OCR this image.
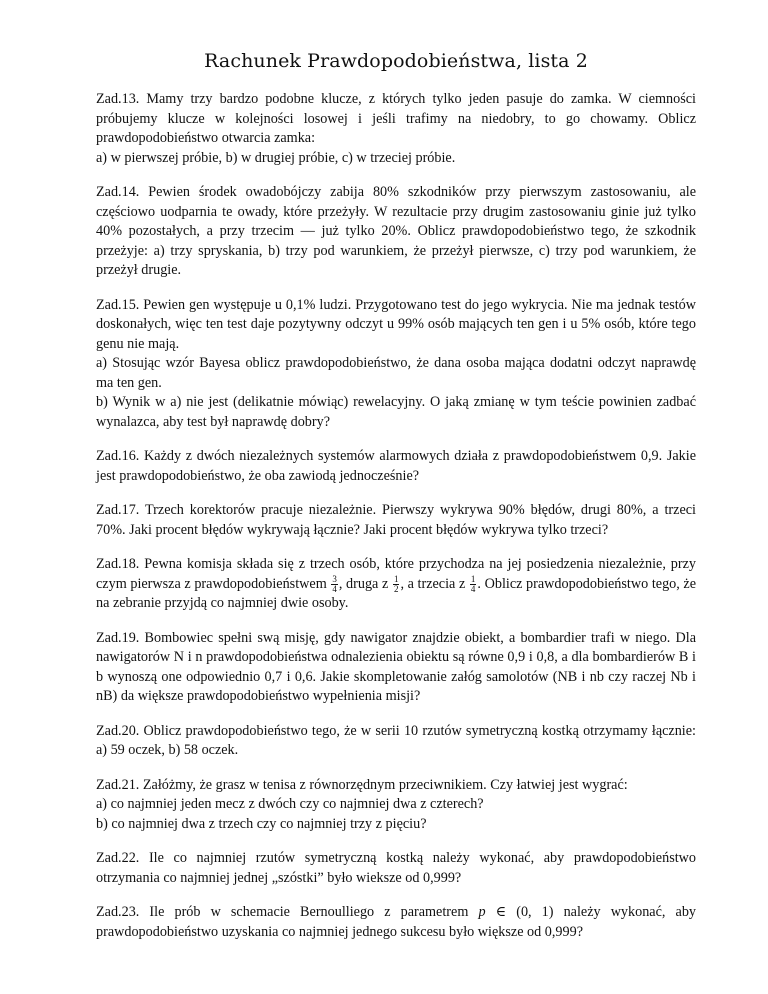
Rachunek Prawdopodobieństwa, lista 2

Zad.13. Mamy trzy bardzo podobne klucze, z których tylko jeden pasuje do zamka. W ciemności próbujemy klucze w kolejności losowej i jeśli trafimy na niedobry, to go chowamy. Oblicz prawdopodobieństwo otwarcia zamka:

a) w pierwszej próbie, b) w drugiej próbie, c) w trzeciej próbie.

Zad.14. Pewien środek owadobójczy zabija 80% szkodników przy pierwszym zastosowaniu, ale częściowo uodparnia te owady, które przeżyły. W rezultacie przy drugim zastosowaniu ginie już tylko 40% pozostałych, a przy trzecim — już tylko 20%. Oblicz prawdopodobieństwo tego, że szkodnik przeżyje: a) trzy spryskania, b) trzy pod warunkiem, że przeżył pierwsze, c) trzy pod warunkiem, że przeżył drugie.

Zad.15. Pewien gen występuje u 0,1% ludzi. Przygotowano test do jego wykrycia. Nie ma jednak testów doskonałych, więc ten test daje pozytywny odczyt u 99% osób mających ten gen i u 5% osób, które tego genu nie mają.

a) Stosując wzór Bayesa oblicz prawdopodobieństwo, że dana osoba mająca dodatni odczyt naprawdę ma ten gen.

b) Wynik w a) nie jest (delikatnie mówiąc) rewelacyjny. O jaką zmianę w tym teście powinien zadbać wynalazca, aby test był naprawdę dobry?

Zad.16. Każdy z dwóch niezależnych systemów alarmowych działa z prawdopodobieństwem 0,9. Jakie jest prawdopodobieństwo, że oba zawiodą jednocześnie?

Zad.17. Trzech korektorów pracuje niezależnie. Pierwszy wykrywa 90% błędów, drugi 80%, a trzeci 70%. Jaki procent błędów wykrywają łącznie? Jaki procent błędów wykrywa tylko trzeci?

Zad.18. Pewna komisja składa się z trzech osób, które przychodza na jej posiedzenia niezależnie, przy czym pierwsza z prawdopodobieństwem $\frac{3}{4}$ , druga z $\frac{1}{2}$ , a trzecia z $\frac{1}{4}$ . Oblicz prawdopodobieństwo tego, że na zebranie przyjdą co najmniej dwie osoby.

Zad.19. Bombowiec spełni swą misję, gdy nawigator znajdzie obiekt, a bombardier trafi w niego. Dla nawigatorów N i n prawdopodobieństwa odnalezienia obiektu są równe 0,9 i 0,8, a dla bombardierów B i b wynoszą one odpowiednio 0,7 i 0,6. Jakie skompletowanie załóg samolotów (NB i nb czy raczej Nb i nB) da większe prawdopodobieństwo wypełnienia misji?

Zad.20. Oblicz prawdopodobieństwo tego, że w serii 10 rzutów symetryczną kostką otrzymamy łącznie: a) 59 oczek, b) 58 oczek.

Zad.21. Załóżmy, że grasz w tenisa z równorzędnym przeciwnikiem. Czy łatwiej jest wygrać:

a) co najmniej jeden mecz z dwóch czy co najmniej dwa z czterech?

b) co najmniej dwa z trzech czy co najmniej trzy z pięciu?

Zad.22. Ile co najmniej rzutów symetryczną kostką należy wykonać, aby prawdopodobieństwo otrzymania co najmniej jednej „szóstki” było wieksze od 0,999?

Zad.23. Ile prób w schemacie Bernoulliego z parametrem p ∈ (0, 1) należy wykonać, aby prawdopodobieństwo uzyskania co najmniej jednego sukcesu było większe od 0,999?
